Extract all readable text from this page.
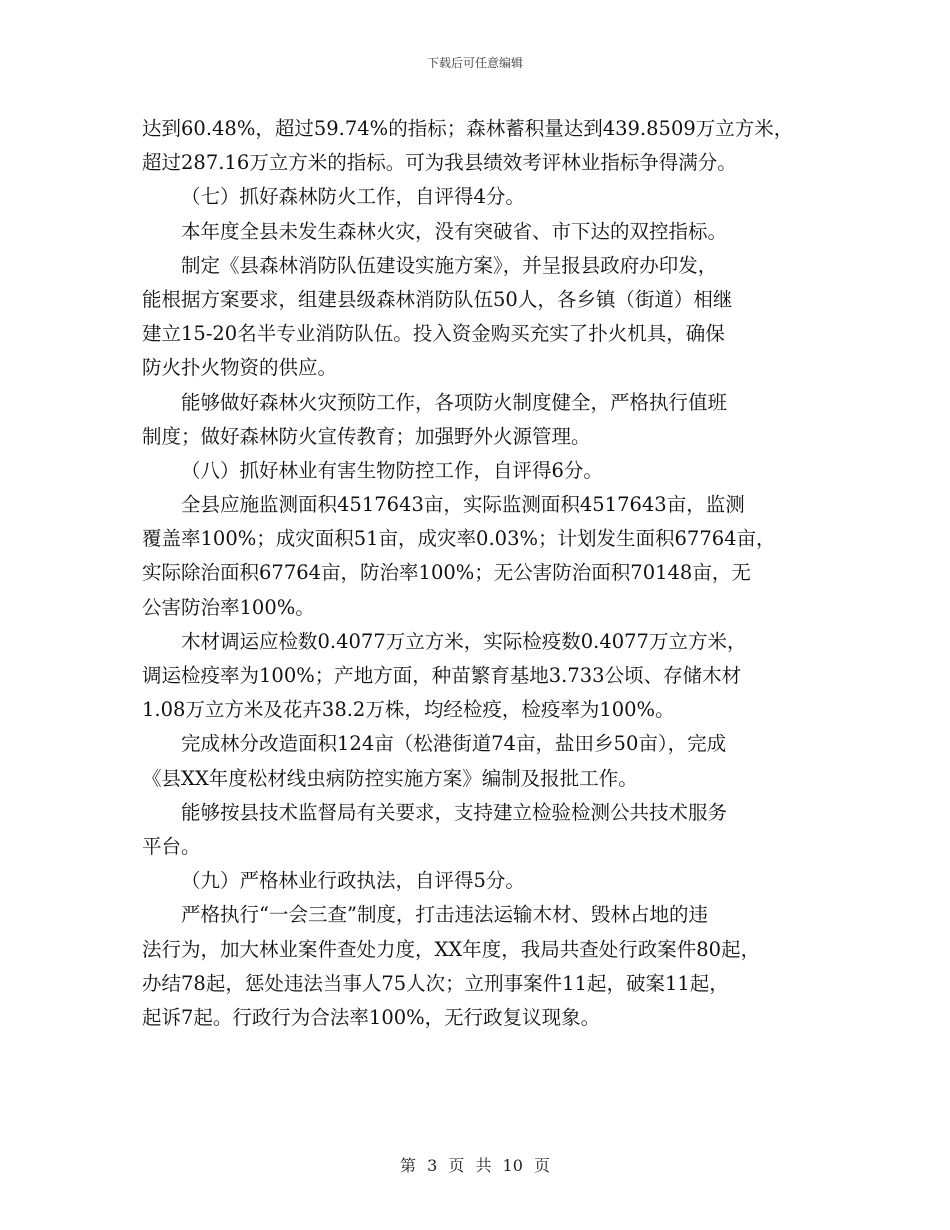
下载后可任意编辑
达到60.48%，超过59.74%的指标；森林蓄积量达到439.8509万立方米，
超过287.16万立方米的指标。可为我县绩效考评林业指标争得满分。
（七）抓好森林防火工作，自评得4分。
本年度全县未发生森林火灾，没有突破省、市下达的双控指标。
制定《县森林消防队伍建设实施方案》，并呈报县政府办印发，
能根据方案要求，组建县级森林消防队伍50人，各乡镇（街道）相继
建立15-20名半专业消防队伍。投入资金购买充实了扑火机具，确保
防火扑火物资的供应。
能够做好森林火灾预防工作，各项防火制度健全，严格执行值班
制度；做好森林防火宣传教育；加强野外火源管理。
（八）抓好林业有害生物防控工作，自评得6分。
全县应施监测面积4517643亩，实际监测面积4517643亩，监测
覆盖率100%；成灾面积51亩，成灾率0.03%；计划发生面积67764亩，
实际除治面积67764亩，防治率100%；无公害防治面积70148亩，无
公害防治率100%。
木材调运应检数0.4077万立方米，实际检疫数0.4077万立方米，
调运检疫率为100%；产地方面，种苗繁育基地3.733公顷、存储木材
1.08万立方米及花卉38.2万株，均经检疫，检疫率为100%。
完成林分改造面积124亩（松港街道74亩，盐田乡50亩），完成
《县XX年度松材线虫病防控实施方案》编制及报批工作。
能够按县技术监督局有关要求，支持建立检验检测公共技术服务
平台。
（九）严格林业行政执法，自评得5分。
严格执行“一会三查”制度，打击违法运输木材、毁林占地的违
法行为，加大林业案件查处力度，XX年度，我局共查处行政案件80起，
办结78起，惩处违法当事人75人次；立刑事案件11起，破案11起，
起诉7起。行政行为合法率100%，无行政复议现象。
第 3 页 共 10 页
